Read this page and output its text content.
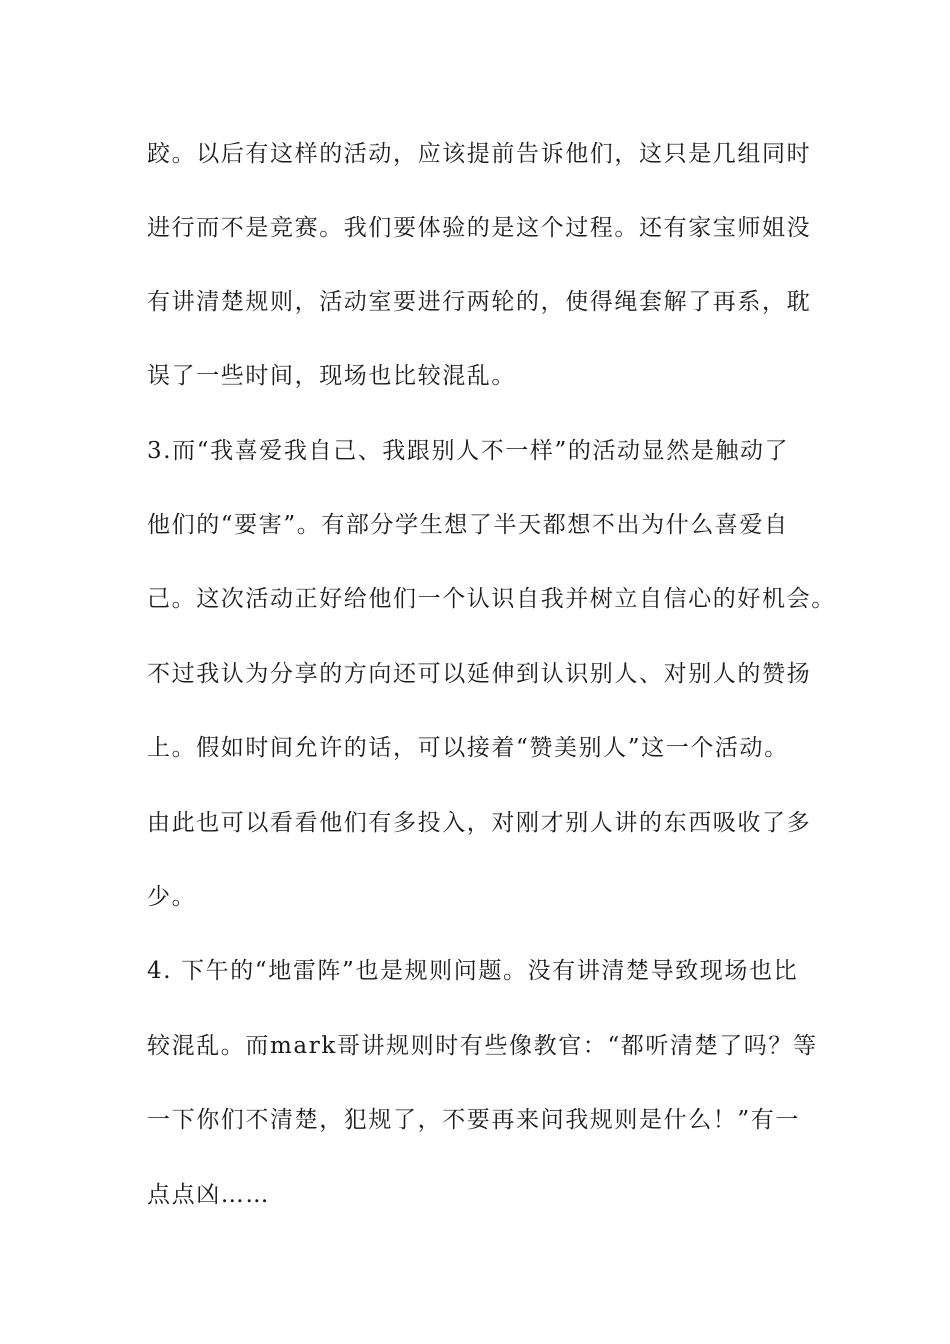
跤。以后有这样的活动，应该提前告诉他们，这只是几组同时

进行而不是竞赛。我们要体验的是这个过程。还有家宝师姐没

有讲清楚规则，活动室要进行两轮的，使得绳套解了再系，耽

误了一些时间，现场也比较混乱。

3.而“我喜爱我自己、我跟别人不一样”的活动显然是触动了

他们的“要害”。有部分学生想了半天都想不出为什么喜爱自

己。这次活动正好给他们一个认识自我并树立自信心的好机会。

不过我认为分享的方向还可以延伸到认识别人、对别人的赞扬

上。假如时间允许的话，可以接着“赞美别人”这一个活动。

由此也可以看看他们有多投入，对刚才别人讲的东西吸收了多

少。

4. 下午的“地雷阵”也是规则问题。没有讲清楚导致现场也比

较混乱。而mark哥讲规则时有些像教官：“都听清楚了吗？等

一下你们不清楚，犯规了，不要再来问我规则是什么！”有一

点点凶……
